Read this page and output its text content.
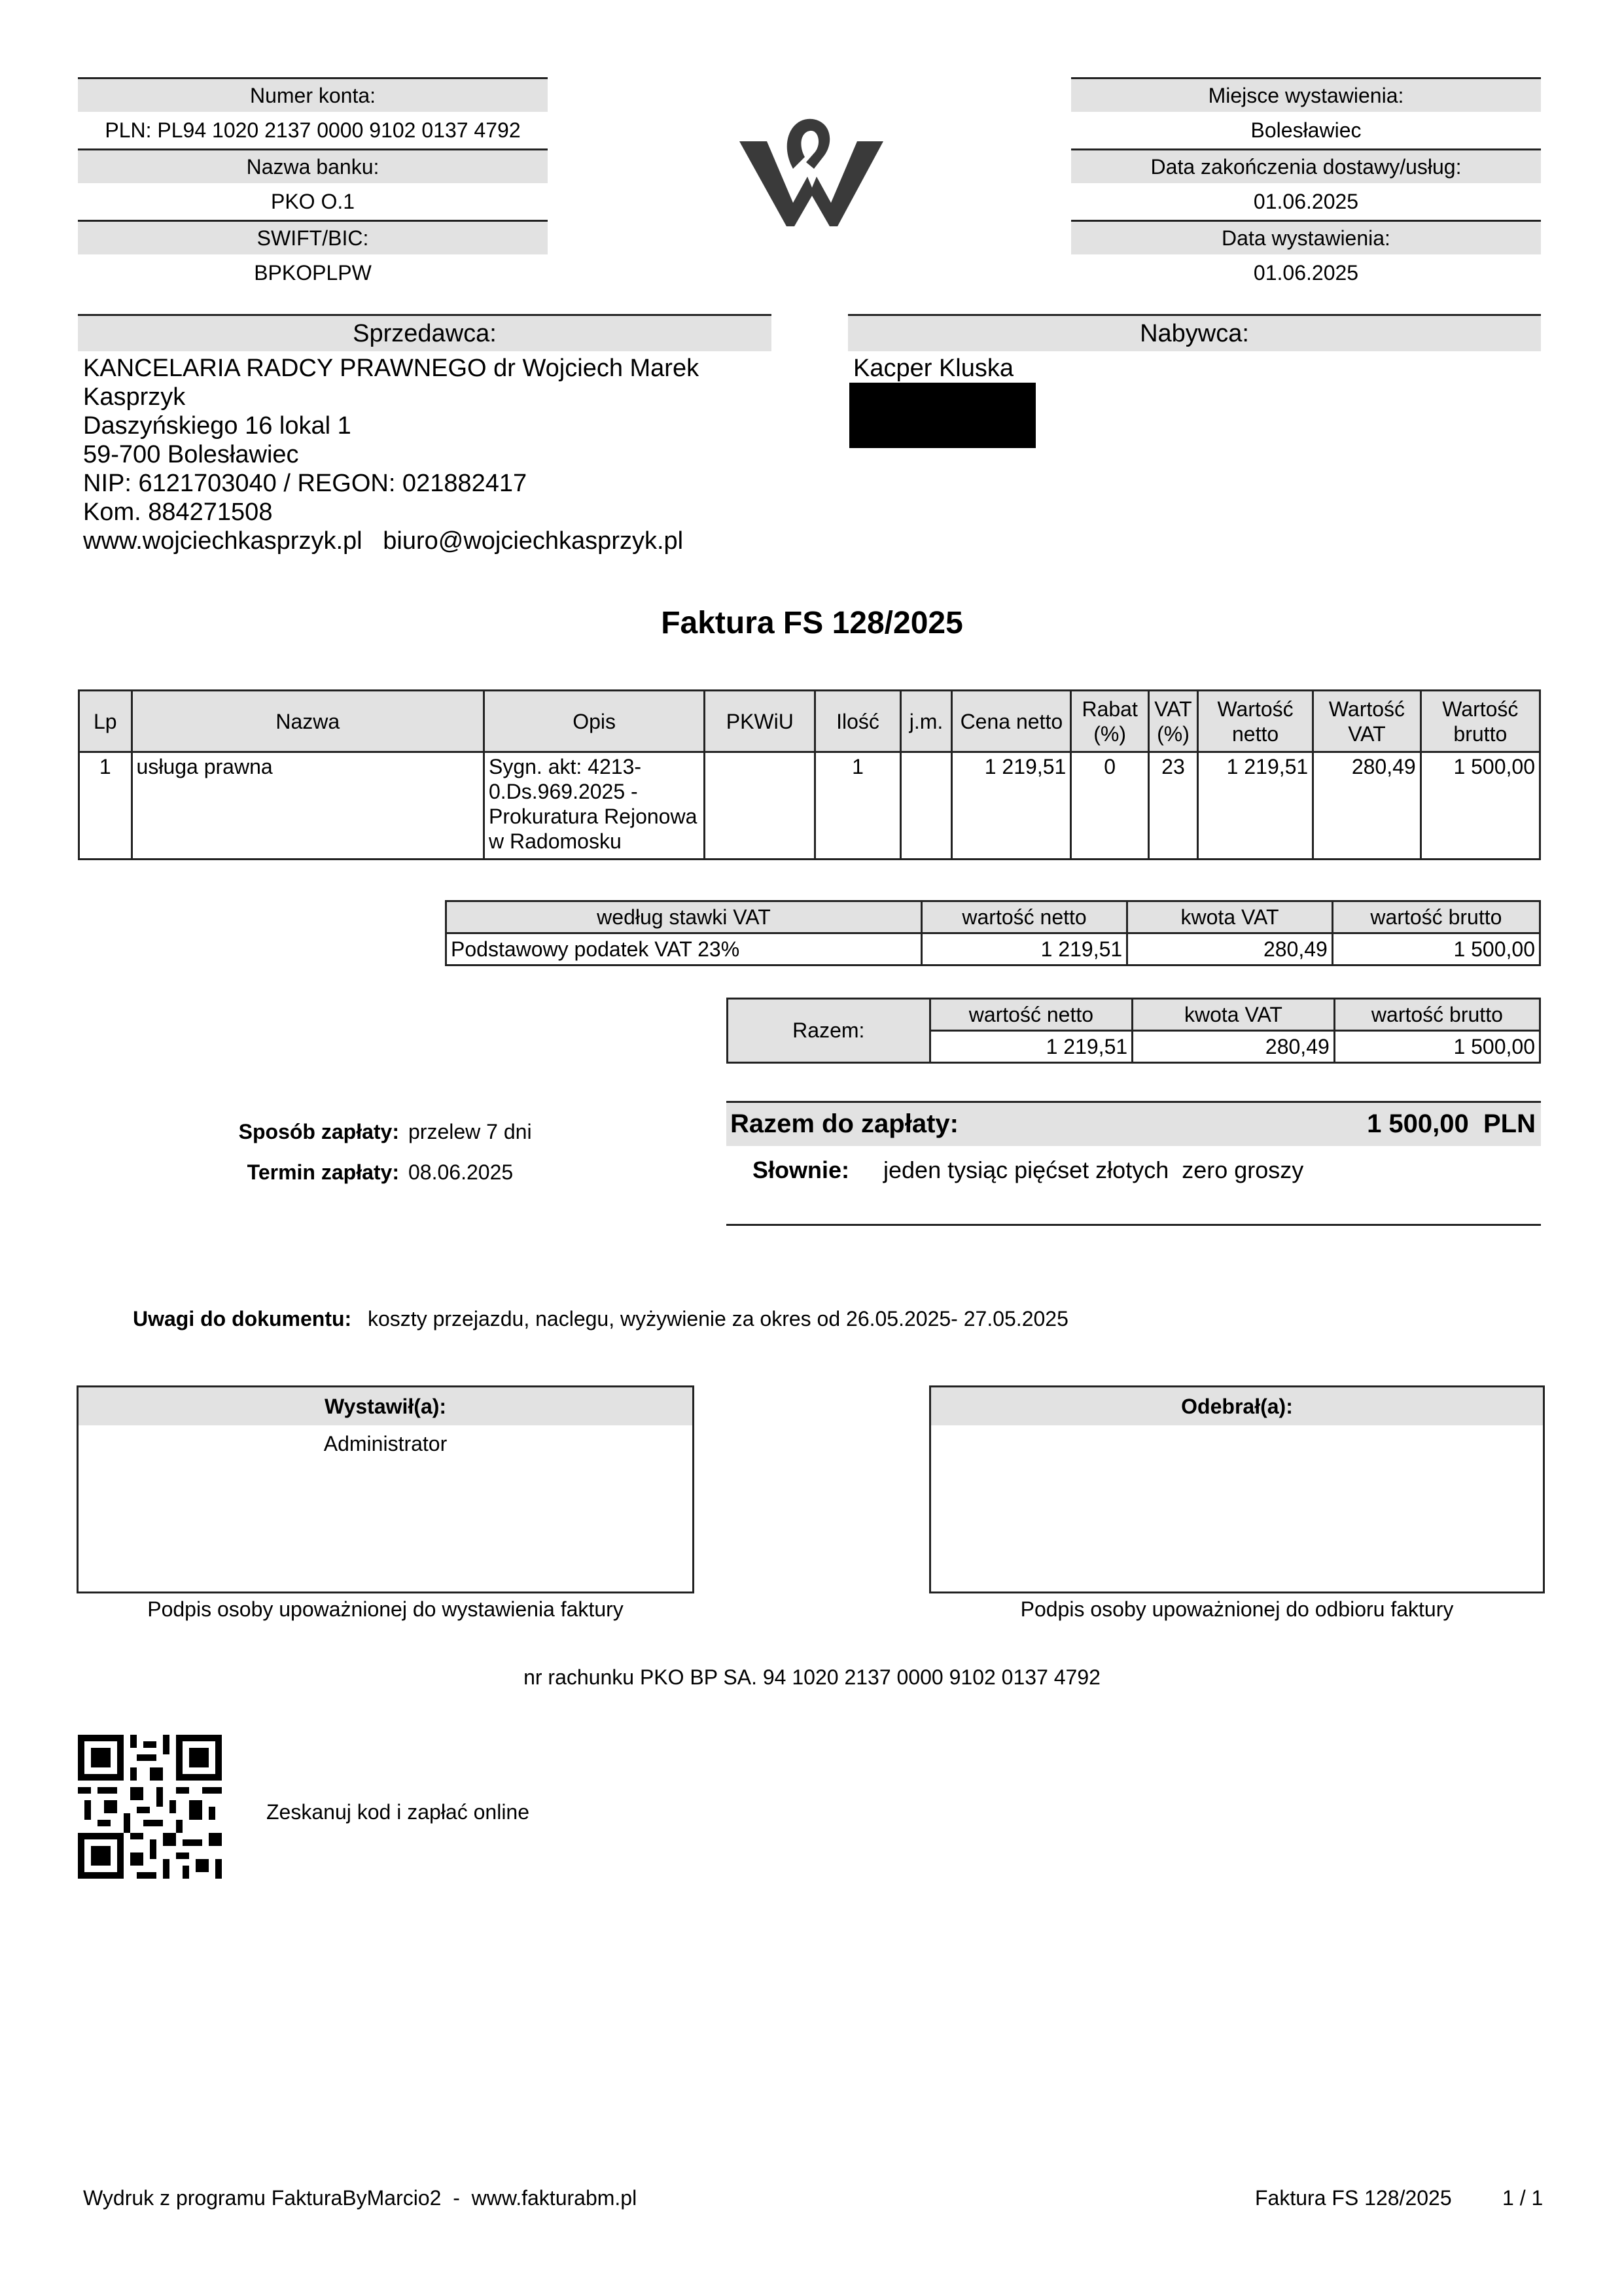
Numer konta:
PLN: PL94 1020 2137 0000 9102 0137 4792
Nazwa banku:
PKO O.1
SWIFT/BIC:
BPKOPLPW
Miejsce wystawienia:
Bolesławiec
Data zakończenia dostawy/usług:
01.06.2025
Data wystawienia:
01.06.2025
Sprzedawca:
KANCELARIA RADCY PRAWNEGO dr Wojciech Marek
Kasprzyk
Daszyńskiego 16 lokal 1
59-700 Bolesławiec
NIP: 6121703040 / REGON: 021882417
Kom. 884271508
www.wojciechkasprzyk.pl   biuro@wojciechkasprzyk.pl
Nabywca:
Kacper Kluska
Faktura FS 128/2025
Lp	Nazwa	Opis	PKWiU	Ilość	j.m.	Cena netto	Rabat (%)	VAT (%)	Wartość netto	Wartość VAT	Wartość brutto
1	usługa prawna	Sygn. akt: 4213-0.Ds.969.2025 - Prokuratura Rejonowa w Radomosku		1		1 219,51	0	23	1 219,51	280,49	1 500,00
według stawki VAT	wartość netto	kwota VAT	wartość brutto
Podstawowy podatek VAT 23%	1 219,51	280,49	1 500,00
Razem:	wartość netto	kwota VAT	wartość brutto
	1 219,51	280,49	1 500,00
Sposób zapłaty: przelew 7 dni
Termin zapłaty: 08.06.2025
Razem do zapłaty:	1 500,00  PLN
Słownie: jeden tysiąc pięćset złotych  zero groszy
Uwagi do dokumentu: koszty przejazdu, naclegu, wyżywienie za okres od 26.05.2025- 27.05.2025
Wystawił(a):
Administrator
Podpis osoby upoważnionej do wystawienia faktury
Odebrał(a):
Podpis osoby upoważnionej do odbioru faktury
nr rachunku PKO BP SA. 94 1020 2137 0000 9102 0137 4792
Zeskanuj kod i zapłać online
Wydruk z programu FakturaByMarcio2  -  www.fakturabm.pl	Faktura FS 128/2025 1 / 1
